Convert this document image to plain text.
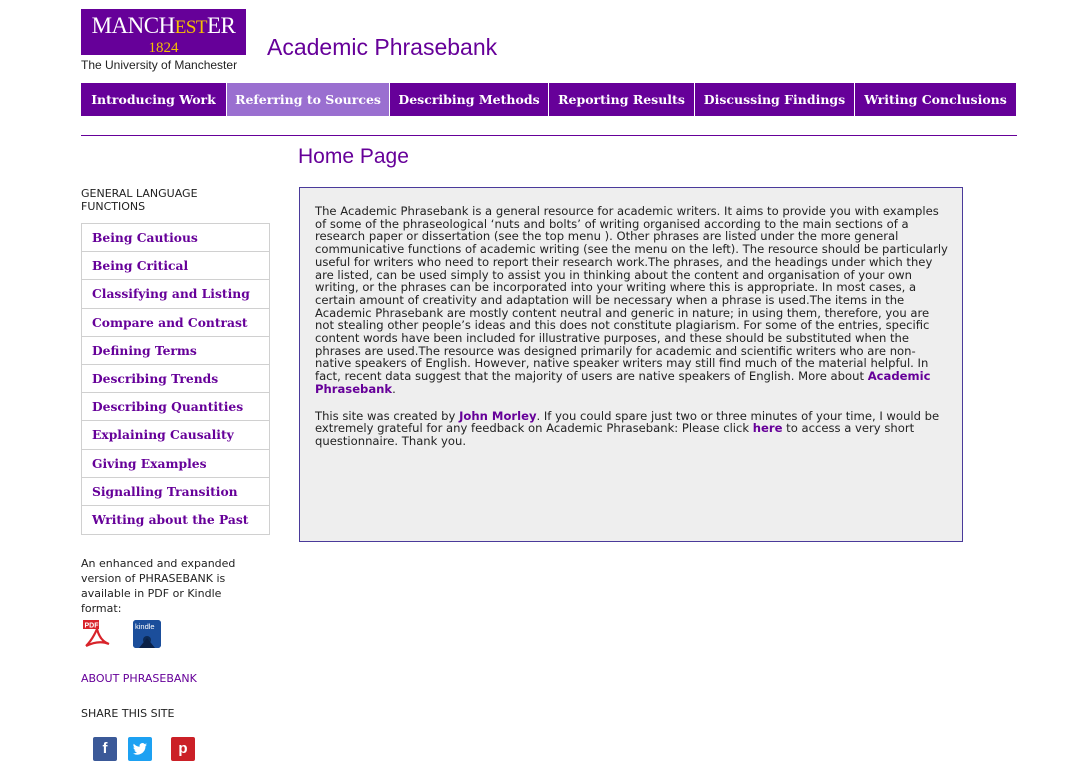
MANCHESTER
1824
The University of Manchester
Academic Phrasebank
Introducing Work	Referring to Sources	Describing Methods	Reporting Results	Discussing Findings	Writing Conclusions
Home Page
GENERAL LANGUAGE FUNCTIONS
Being Cautious
Being Critical
Classifying and Listing
Compare and Contrast
Defining Terms
Describing Trends
Describing Quantities
Explaining Causality
Giving Examples
Signalling Transition
Writing about the Past
An enhanced and expanded version of PHRASEBANK is available in PDF or Kindle format:
PDF	kindle
ABOUT PHRASEBANK
SHARE THIS SITE
f	p

The Academic Phrasebank is a general resource for academic writers. It aims to provide you with examples of some of the phraseological ‘nuts and bolts’ of writing organised according to the main sections of a research paper or dissertation (see the top menu ). Other phrases are listed under the more general communicative functions of academic writing (see the menu on the left). The resource should be particularly useful for writers who need to report their research work.The phrases, and the headings under which they are listed, can be used simply to assist you in thinking about the content and organisation of your own writing, or the phrases can be incorporated into your writing where this is appropriate. In most cases, a certain amount of creativity and adaptation will be necessary when a phrase is used.The items in the Academic Phrasebank are mostly content neutral and generic in nature; in using them, therefore, you are not stealing other people’s ideas and this does not constitute plagiarism. For some of the entries, specific content words have been included for illustrative purposes, and these should be substituted when the phrases are used.The resource was designed primarily for academic and scientific writers who are non-native speakers of English. However, native speaker writers may still find much of the material helpful. In fact, recent data suggest that the majority of users are native speakers of English. More about Academic Phrasebank.

This site was created by John Morley. If you could spare just two or three minutes of your time, I would be extremely grateful for any feedback on Academic Phrasebank: Please click here to access a very short questionnaire. Thank you.
